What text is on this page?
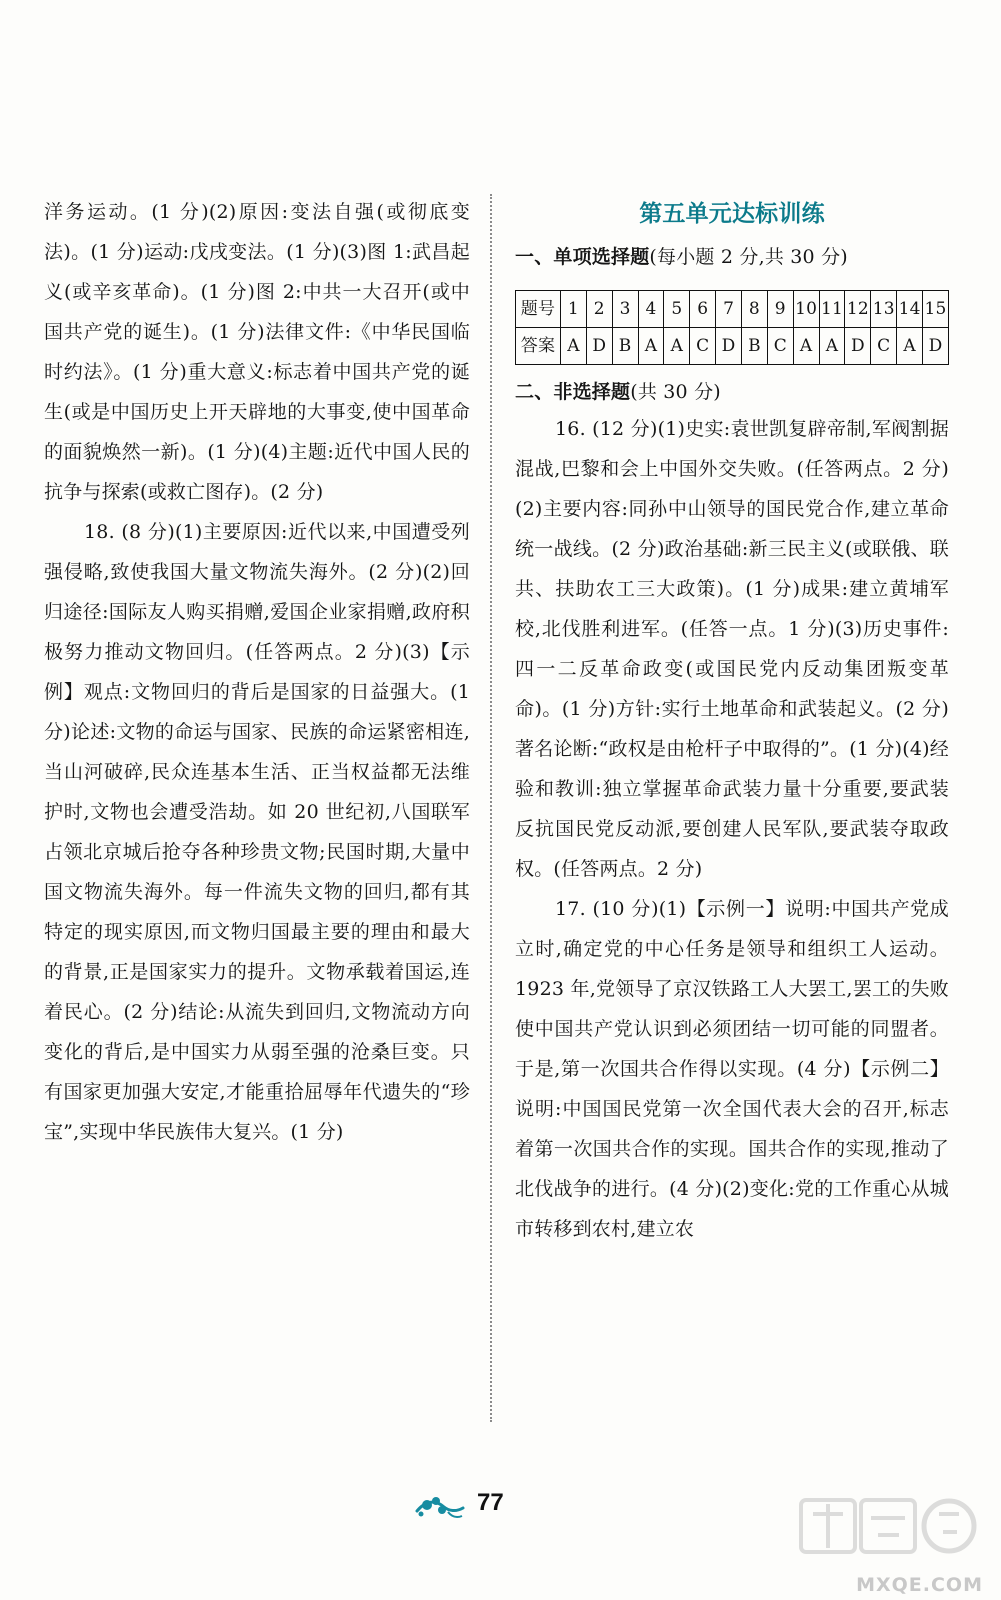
洋务运动。(1 分)(2)原因:变法自强(或彻底变法)。(1 分)运动:戊戌变法。(1 分)(3)图 1:武昌起义(或辛亥革命)。(1 分)图 2:中共一大召开(或中国共产党的诞生)。(1 分)法律文件:《中华民国临时约法》。(1 分)重大意义:标志着中国共产党的诞生(或是中国历史上开天辟地的大事变,使中国革命的面貌焕然一新)。(1 分)(4)主题:近代中国人民的抗争与探索(或救亡图存)。(2 分)

18. (8 分)(1)主要原因:近代以来,中国遭受列强侵略,致使我国大量文物流失海外。(2 分)(2)回归途径:国际友人购买捐赠,爱国企业家捐赠,政府积极努力推动文物回归。(任答两点。2 分)(3)【示例】观点:文物回归的背后是国家的日益强大。(1 分)论述:文物的命运与国家、民族的命运紧密相连,当山河破碎,民众连基本生活、正当权益都无法维护时,文物也会遭受浩劫。如 20 世纪初,八国联军占领北京城后抢夺各种珍贵文物;民国时期,大量中国文物流失海外。每一件流失文物的回归,都有其特定的现实原因,而文物归国最主要的理由和最大的背景,正是国家实力的提升。文物承载着国运,连着民心。(2 分)结论:从流失到回归,文物流动方向变化的背后,是中国实力从弱至强的沧桑巨变。只有国家更加强大安定,才能重拾屈辱年代遗失的“珍宝”,实现中华民族伟大复兴。(1 分)

第五单元达标训练

一、单项选择题(每小题 2 分,共 30 分)

题号	1	2	3	4	5	6	7	8	9	10	11	12	13	14	15
答案	A	D	B	A	A	C	D	B	C	A	A	D	C	A	D

二、非选择题(共 30 分)

16. (12 分)(1)史实:袁世凯复辟帝制,军阀割据混战,巴黎和会上中国外交失败。(任答两点。2 分)(2)主要内容:同孙中山领导的国民党合作,建立革命统一战线。(2 分)政治基础:新三民主义(或联俄、联共、扶助农工三大政策)。(1 分)成果:建立黄埔军校,北伐胜利进军。(任答一点。1 分)(3)历史事件:四一二反革命政变(或国民党内反动集团叛变革命)。(1 分)方针:实行土地革命和武装起义。(2 分)著名论断:“政权是由枪杆子中取得的”。(1 分)(4)经验和教训:独立掌握革命武装力量十分重要,要武装反抗国民党反动派,要创建人民军队,要武装夺取政权。(任答两点。2 分)

17. (10 分)(1)【示例一】说明:中国共产党成立时,确定党的中心任务是领导和组织工人运动。1923 年,党领导了京汉铁路工人大罢工,罢工的失败使中国共产党认识到必须团结一切可能的同盟者。于是,第一次国共合作得以实现。(4 分)【示例二】说明:中国国民党第一次全国代表大会的召开,标志着第一次国共合作的实现。国共合作的实现,推动了北伐战争的进行。(4 分)(2)变化:党的工作重心从城市转移到农村,建立农

77
MXQE.COM
